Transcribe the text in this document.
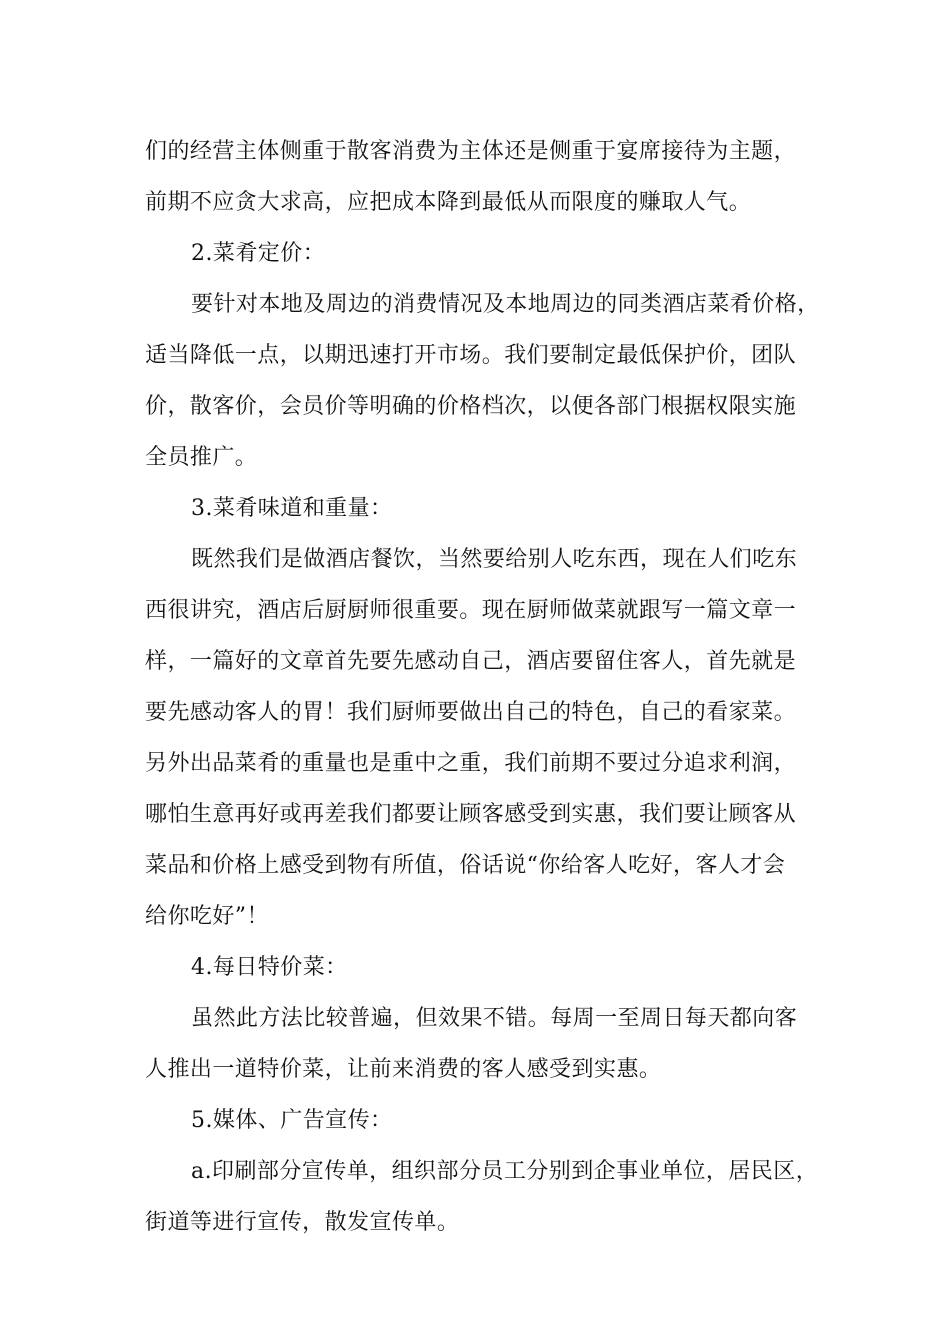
们的经营主体侧重于散客消费为主体还是侧重于宴席接待为主题，
前期不应贪大求高，应把成本降到最低从而限度的赚取人气。
2.菜肴定价：
要针对本地及周边的消费情况及本地周边的同类酒店菜肴价格，
适当降低一点，以期迅速打开市场。我们要制定最低保护价，团队
价，散客价，会员价等明确的价格档次，以便各部门根据权限实施
全员推广。
3.菜肴味道和重量：
既然我们是做酒店餐饮，当然要给别人吃东西，现在人们吃东
西很讲究，酒店后厨厨师很重要。现在厨师做菜就跟写一篇文章一
样，一篇好的文章首先要先感动自己，酒店要留住客人，首先就是
要先感动客人的胃！我们厨师要做出自己的特色，自己的看家菜。
另外出品菜肴的重量也是重中之重，我们前期不要过分追求利润，
哪怕生意再好或再差我们都要让顾客感受到实惠，我们要让顾客从
菜品和价格上感受到物有所值，俗话说“你给客人吃好，客人才会
给你吃好”！
4.每日特价菜：
虽然此方法比较普遍，但效果不错。每周一至周日每天都向客
人推出一道特价菜，让前来消费的客人感受到实惠。
5.媒体、广告宣传：
a.印刷部分宣传单，组织部分员工分别到企事业单位，居民区，
街道等进行宣传，散发宣传单。
